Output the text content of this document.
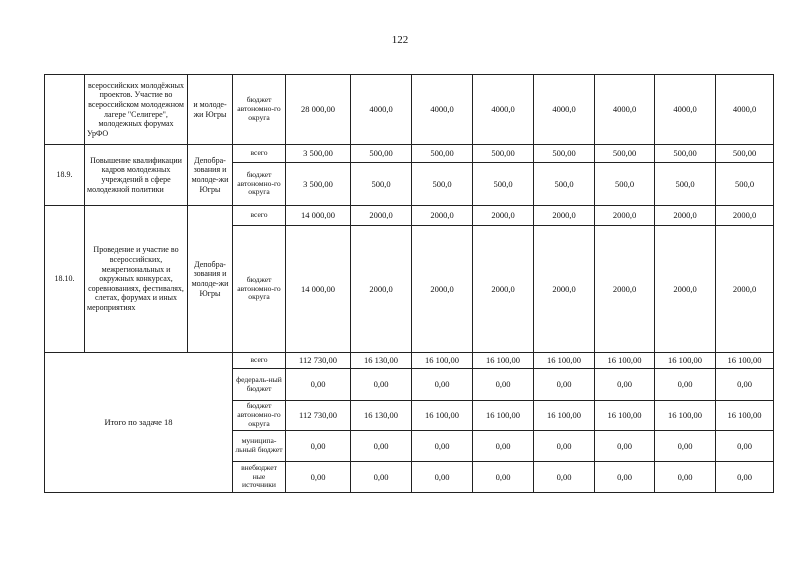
122
	всероссийских молодёжных проектов. Участие во всероссийском молодежном лагере "Селигере", молодежных форумах УрФО	и молоде-жи Югры	бюджет автономно-го округа	28 000,00	4000,0	4000,0	4000,0	4000,0	4000,0	4000,0	4000,0
18.9.	Повышение квалификации кадров молодежных учреждений в сфере молодежной политики	Депобра-зования и молоде-жи Югры	всего	3 500,00	500,00	500,00	500,00	500,00	500,00	500,00	500,00
			бюджет автономно-го округа	3 500,00	500,0	500,0	500,0	500,0	500,0	500,0	500,0
18.10.	Проведение и участие во всероссийских, межрегиональных и окружных конкурсах, соревнованиях, фестивалях, слетах, форумах и иных мероприятиях	Депобра-зования и молоде-жи Югры	всего	14 000,00	2000,0	2000,0	2000,0	2000,0	2000,0	2000,0	2000,0
			бюджет автономно-го округа	14 000,00	2000,0	2000,0	2000,0	2000,0	2000,0	2000,0	2000,0
Итого по задаче 18			всего	112 730,00	16 130,00	16 100,00	16 100,00	16 100,00	16 100,00	16 100,00	16 100,00
			федераль-ный бюджет	0,00	0,00	0,00	0,00	0,00	0,00	0,00	0,00
			бюджет автономно-го округа	112 730,00	16 130,00	16 100,00	16 100,00	16 100,00	16 100,00	16 100,00	16 100,00
			муниципа-льный бюджет	0,00	0,00	0,00	0,00	0,00	0,00	0,00	0,00
			внебюджет ные источники	0,00	0,00	0,00	0,00	0,00	0,00	0,00	0,00
